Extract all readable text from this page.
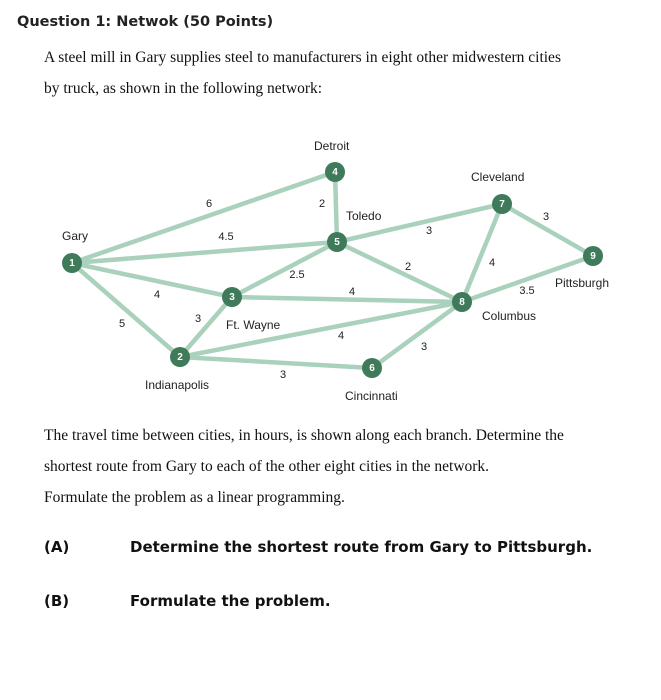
Question 1: Netwok (50 Points)
A steel mill in Gary supplies steel to manufacturers in eight other midwestern cities
by truck, as shown in the following network:
6
4.5
4
5	3
3
4
2.5
4
2
3
2
3
4
3
3.5
1
2
3
4
5
6
7
8
9
Gary
Indianapolis
Ft. Wayne
Detroit
Toledo
Cincinnati
Cleveland
Columbus
Pittsburgh
The travel time between cities, in hours, is shown along each branch. Determine the
shortest route from Gary to each of the other eight cities in the network.
Formulate the problem as a linear programming.
(A)	Determine the shortest route from Gary to Pittsburgh.
(B)	Formulate the problem.
